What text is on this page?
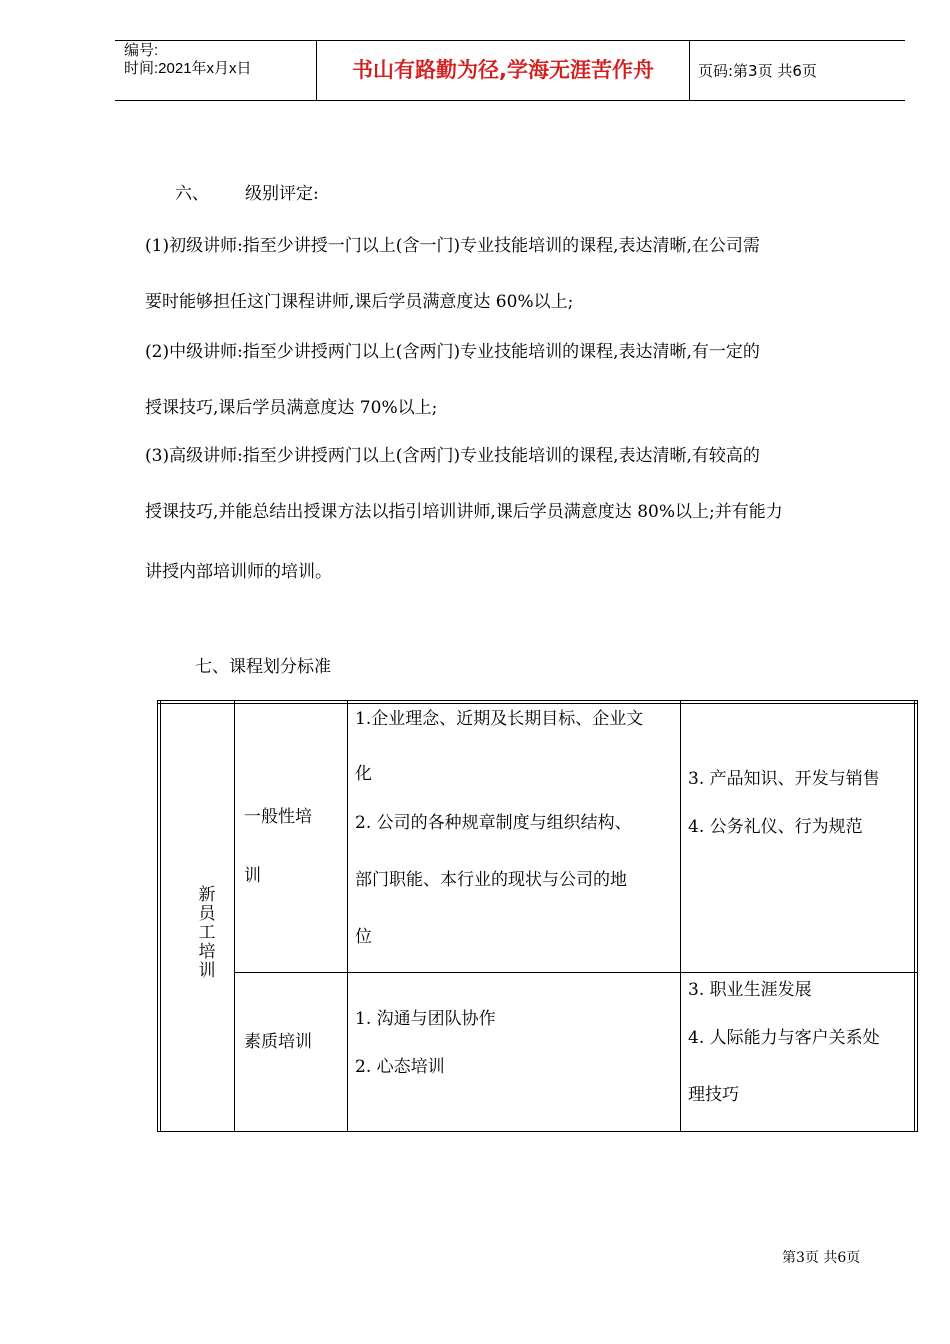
编号:
时间:2021年x月x日	书山有路勤为径,学海无涯苦作舟	页码:第3页 共6页
六、 级别评定:
(1)初级讲师:指至少讲授一门以上(含一门)专业技能培训的课程,表达清晰,在公司需
要时能够担任这门课程讲师,课后学员满意度达 60%以上;
(2)中级讲师:指至少讲授两门以上(含两门)专业技能培训的课程,表达清晰,有一定的
授课技巧,课后学员满意度达 70%以上;
(3)高级讲师:指至少讲授两门以上(含两门)专业技能培训的课程,表达清晰,有较高的
授课技巧,并能总结出授课方法以指引培训讲师,课后学员满意度达 80%以上;并有能力
讲授内部培训师的培训。
七、课程划分标准
新
员
工
培
训
一般性培
训
1.企业理念、近期及长期目标、企业文
化
2. 公司的各种规章制度与组织结构、
部门职能、本行业的现状与公司的地
位
3. 产品知识、开发与销售
4. 公务礼仪、行为规范
素质培训
1. 沟通与团队协作
2. 心态培训
3. 职业生涯发展
4. 人际能力与客户关系处
理技巧
第3页 共6页
